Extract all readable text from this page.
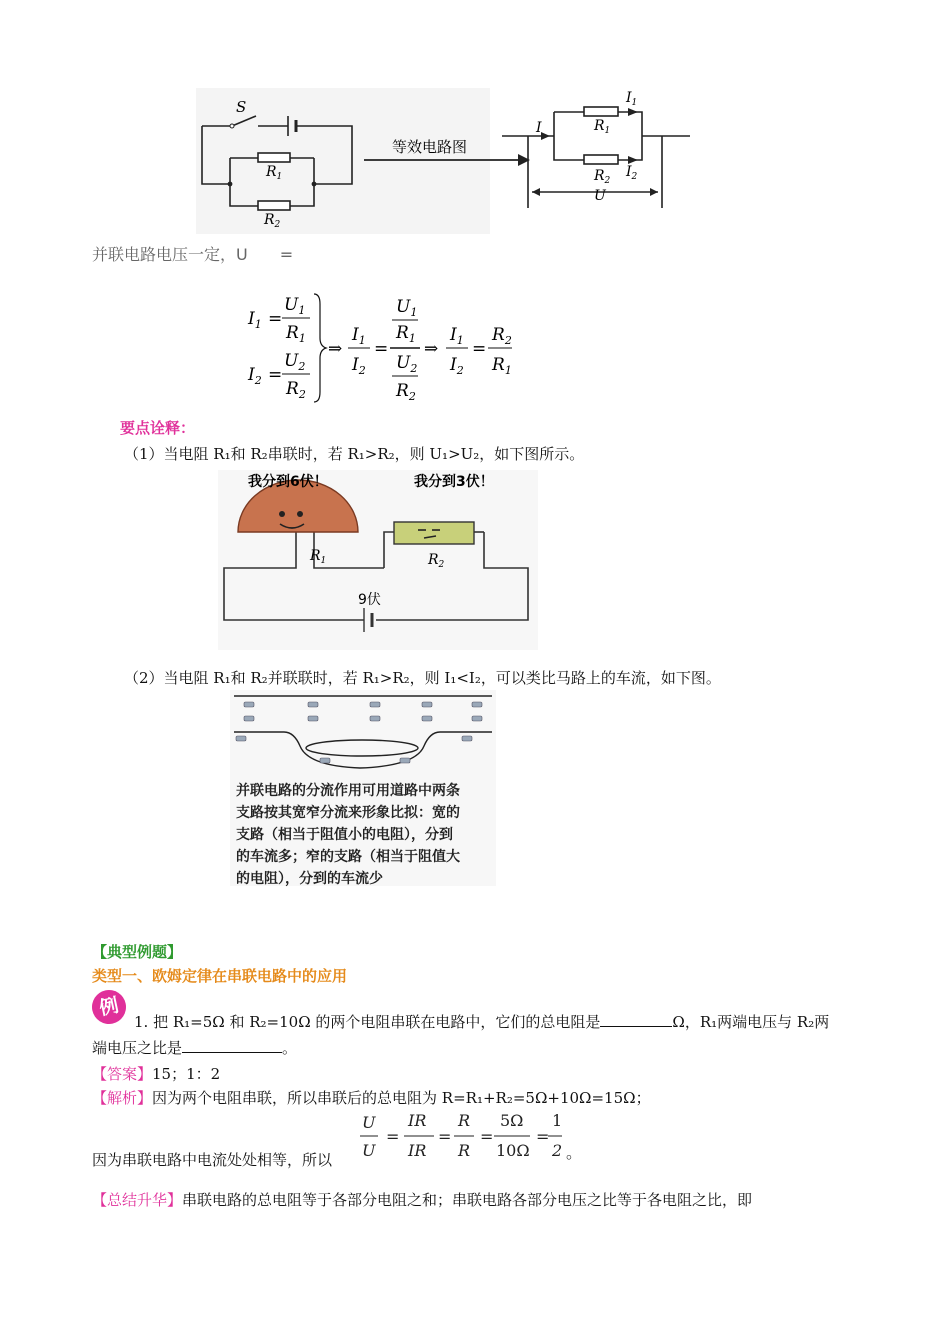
S
$R_1$
$R_2$
等效电路图
I
$I_1$
$R_1$
$R_2$
$I_2$
U
并联电路电压一定，U　　=
$I_1$ =
$U_1$
$R_1$
$I_2$ =
$U_2$
$R_2$
⇒
$I_1$
$I_2$
=
$U_1$
$R_1$
$U_2$
$R_2$
⇒
$I_1$
$I_2$
=
$R_2$
$R_1$
要点诠释：
（1）当电阻 R₁和 R₂串联时，若 R₁>R₂，则 U₁>U₂，如下图所示。
我分到6伏！	我分到3伏！
$R_1$	$R_2$
9伏
（2）当电阻 R₁和 R₂并联联时，若 R₁>R₂，则 I₁<I₂，可以类比马路上的车流，如下图。
并联电路的分流作用可用道路中两条
支路按其宽窄分流来形象比拟：宽的
支路（相当于阻值小的电阻），分到
的车流多；窄的支路（相当于阻值大
的电阻），分到的车流少
【典型例题】
类型一、欧姆定律在串联电路中的应用
例
1. 把 R₁=5Ω 和 R₂=10Ω 的两个电阻串联在电路中，它们的总电阻是	Ω，R₁两端电压与 R₂两
端电压之比是	。
【答案】15；1：2
【解析】因为两个电阻串联，所以串联后的总电阻为 R=R₁+R₂=5Ω+10Ω=15Ω；
U
U
=
IR
IR
=
R
R
=
5Ω
10Ω
=
1
2 。
因为串联电路中电流处处相等，所以
【总结升华】串联电路的总电阻等于各部分电阻之和；串联电路各部分电压之比等于各电阻之比，即
